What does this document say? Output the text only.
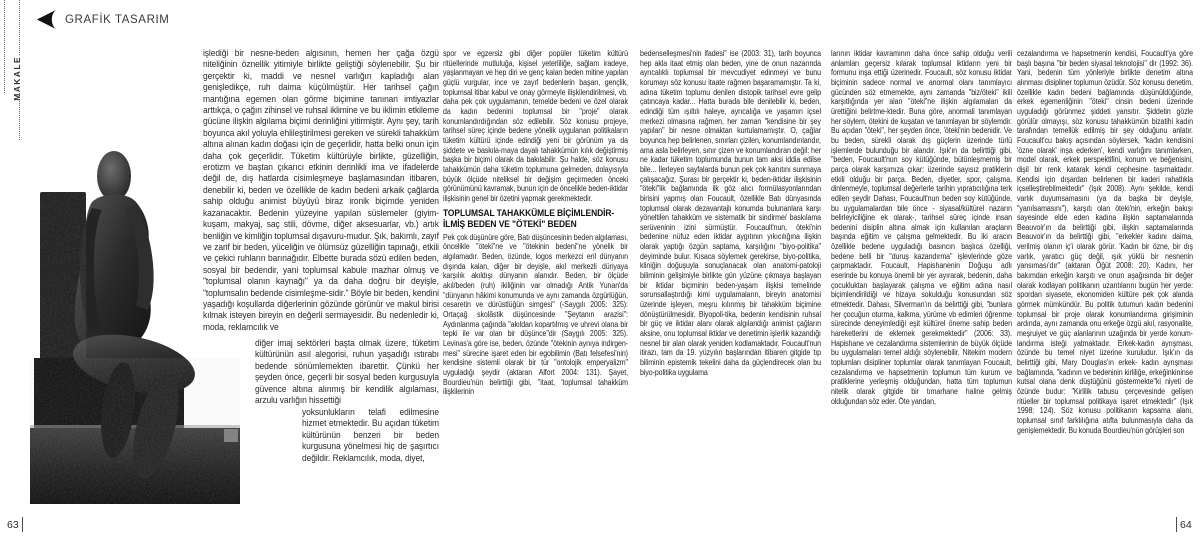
MAKALE
GRAFİK TASARIM

işlediği bir nesne-beden algısının, hemen her çağa özgü niteliğinin öznellik yitimiyle birlikte geliştiği söylenebilir. Şu bir gerçektir ki, maddi ve nesnel varlığın kapladığı alan genişledikçe, ruh daima küçülmüştür. Her tarihsel çağın mantığına egemen olan görme biçimine tanınan imtiyazlar arttıkça, o çağın zihinsel ve ruhsal iklimine ve bu iklimin etkileme gücüne ilişkin algılama biçimi derinliğini yitirmiştir. Aynı şey, tarih boyunca akıl yoluyla ehlileştirilmesi gereken ve sürekli tahakküm altına alınan kadın doğası için de geçerlidir, hatta belki onun için daha çok geçerlidir. Tüketim kültürüyle birlikte, güzelliğin, erotizm ve baştan çıkarıcı etkinin derinlikli ima ve ifadelerde değil de, dış hatlarda cisimleşmeye başlamasından itibaren, denebilir ki, beden ve özellikle de kadın bedeni arkaik çağlarda sahip olduğu animist büyüyü biraz ironik biçimde yeniden kazanacaktır. Bedenin yüzeyine yapılan süslemeler (giyim-kuşam, makyaj, saç stili, dövme, diğer aksesuarlar, vb.) artık benliğin ve kimliğin toplumsal dışavuru-mudur. Şık, bakımlı, zayıf ve zarif bir beden, yüceliğin ve ölümsüz güzelliğin tapınağı, etkili ve çekici ruhların barınağıdır. Elbette burada sözü edilen beden, sosyal bir bedendir, yani toplumsal kabule mazhar olmuş ve "toplumsal olanın kaynağı" ya da daha doğru bir deyişle, "toplumsalın bedende cisimleşme-sidir." Böyle bir beden, kendini yaşadığı koşullarda diğerlerinin gözünde görünür ve makul birisi kılmak isteyen bireyin en değerli sermayesidir. Bu nedenledir ki, moda, reklamcılık ve

diğer imaj sektörleri başta olmak üzere, tüketim kültürünün asıl alegorisi, ruhun yaşadığı ıstırabı bedende sönümlemekten ibarettir. Çünkü her şeyden önce, geçerli bir sosyal beden kurgusuyla güvence altına alınmış bir kendilik algılaması, arzulu varlığın hissettiği

yoksunlukların telafi edilmesine hizmet etmektedir. Bu açıdan tüketim kültürünün benzeri bir beden kurgusuna yönelmesi hiç de şaşırtıcı değildir. Reklamcılık, moda, diyet,

spor ve egzersiz gibi diğer popüler tüketim kültürü ritüellerinde mutluluğa, kişisel yeterliliğe, sağlam iradeye, yaşlanmayan ve hep diri ve genç kalan beden mitine yapılan güçlü vurgular, ince ve zayıf bedenlerin başarı, gençlik, toplumsal itibar kabul ve onay görmeyle ilişkilendirilmesi, vb. daha pek çok uygulamanın, temelde bedeni ve özel olarak da kadın bedenini toplumsal bir "proje" olarak konumlandırdığından söz edilebilir. Söz konusu projeye, tarihsel süreç içinde bedene yönelik uygulanan politikaların tüketim kültürü içinde edindiği yeni bir görünüm ya da şiddete ve baskıla-maya dayalı tahakkümün kılık değiştirmiş başka bir biçimi olarak da bakılabilir. Şu halde, söz konusu tahakkümün daha tüketim toplumuna gelmeden, dolayısıyla büyük ölçüde niteliksel bir değişim geçirmeden önceki görünümünü kavramak, bunun için de öncelikle beden-iktidar ilişkisinin genel bir özetini yapmak gerekmektedir.

TOPLUMSAL TAHAKKÜMLE BİÇİMLENDİR-İLMİŞ BEDEN VE "ÖTEKİ" BEDEN

Pek çok düşünüre göre, Batı düşüncesinin beden algılaması, öncelikle "öteki"ne ve "ötekinin bedeni"ne yönelik bir algılamadır. Beden, özünde, logos merkezci eril dünyanın dışında kalan, diğer bir deyişle, akıl merkezli dünyaya karşılık akıldışı dünyanın alanıdır. Beden, bir ölçüde akıl/beden (ruh) ikiliğinin var olmadığı Antik Yunan'da "dünyanın hâkimi konumunda ve aynı zamanda özgürlüğün, cesaretin ve dürüstlüğün simgesi" (-Saygılı 2005: 325): Ortaçağ skolâstik düşüncesinde "Şeytanın arazisi": Aydınlanma çağında "akıldan kopartılmış ve uhrevi olana bir tepki ile var olan bir düşünce"dir (Saygılı 2005: 325). Levinas'a göre ise, beden, özünde "ötekinin aynıya indirgen-mesi" sürecine işaret eden bir egobilimin (Batı felsefesi'nin) kendisine sistemli olarak bir tür "ontolojik emperyalizm" uyguladığı şeydir (aktaran Alfort 2004: 131). Şayet, Bourdieu'nün belirttiği gibi, "itaat, 'toplumsal tahakküm ilişkilerinin

bedenselleşmesi'nin ifadesi" ise (2003: 31), tarih boyunca hep akla itaat etmiş olan beden, yine de onun nazarında ayrıcalıklı toplumsal bir mevcudiyet edinmeyi ve bunu korumayı söz konusu itaate rağmen başaramamıştır. Ta ki, adına tüketim toplumu denilen distopik tarihsel evre gelip çatıncaya kadar... Hatta burada bile denilebilir ki, beden, edindiği tüm ışıltılı haleye, ayrıcalığa ve yaşamın içsel merkezi olmasına rağmen, her zaman "kendisine bir şey yapılan" bir nesne olmaktan kurtulamamıştır. O, çağlar boyunca hep belirlenen, sınırları çizilen, konumlandırılandır, ama asla belirleyen, sınır çizen ve konumlandıran değil: her ne kadar tüketim toplumunda bunun tam aksi iddia edilse bile... İlerleyen sayfalarda bunun pek çok kanıtını sunmaya çalışacağız. Şurası bir gerçektir ki, beden-iktidar ilişkisinin "öteki"lik bağlamında ilk göz alıcı formülasyonlarından birisini yapmış olan Foucault, özellikle Batı dünyasında toplumsal olarak dezavantajlı konumda bulunanlara karşı yöneltilen tahakküm ve sistematik bir sindirme/ baskılama serüveninin izini sürmüştür. Foucault'nun, öteki'nin bedenine nüfuz eden iktidar aygıtının yıkıcılığına ilişkin olarak yaptığı özgün saptama, karşılığını "biyo-politika" deyiminde bulur. Kısaca söylemek gerekirse, biyo-politika, kliniğin doğuşuyla sonuçlanacak olan anatomi-patoloji biliminin gelişimiyle birlikte gün yüzüne çıkmaya başlayan bir iktidar biçiminin beden-yaşam ilişkisi temelinde sorunsallaştırdığı kimi uygulamaların, bireyin anatomisi üzerinde işleyen, meşru kılınmış bir tahakküm biçimine dönüştürülmesidir. Biyopoli-tika, bedenin kendisinin ruhsal bir güç ve iktidar alanı olarak algılandığı animist çağların aksine, onu toplumsal iktidar ve denetimin işlerlik kazandığı nesnel bir alan olarak yeniden kodlamaktadır. Foucault'nun itirazı, tam da 19. yüzyılın başlarından itibaren gitgide tıp biliminin epistemik tekelini daha da güçlendirecek olan bu biyo-politika uygulama

larının iktidar kavramının daha önce sahip olduğu verili anlamları geçersiz kılarak toplumsal iktidarın yeni bir formunu inşa ettiği üzerinedir. Foucault, söz konusu iktidar biçiminin sadece normal ve anormal olanı tanımlayıcı gücünden söz etmemekte, aynı zamanda "biz/öteki" ikili karşıtlığında yer alan "öteki"ne ilişkin algılamaları da ürettiğini belirtme-ktedir. Buna göre, anormali tanımlayan her söylem, ötekini de kuşatan ve tanımlayan bir söylemdir. Bu açıdan "öteki", her şeyden önce, 'öteki'nin bedenidir. Ve bu beden, sürekli olarak dış güçlerin üzerinde türlü işlemlerde bulunduğu bir alandır. Işık'ın da belirttiği gibi, "beden, Foucault'nun soy kütüğünde, bütünleşmemiş bir parça olarak karşımıza çıkar: üzerinde sayısız pratiklerin etkili olduğu bir parça. Beden, diyetler, spor, çalışma, dinlenmeyle, toplumsal değerlerle tarihin yıpratıcılığına terk edilen şeydir Dahası, Foucault'nun beden soy kütüğünde, bu uygulamalardan bile önce - siyasal/kültürel nazarın belirleyiciliğine ek olarak-, tarihsel süreç içinde insan bedenini disiplin altına almak için kullanılan araçların başında eğitim ve çalışma gelmektedir. Bu iki aracın özellikle bedene uyguladığı basıncın başlıca özelliği, bedene belli bir "duruş kazandırma" işlevlerinde göze çarpmaktadır. Foucault, Hapishanenin Doğuşu adlı eserinde bu konuya önemli bir yer ayırarak, bedenin, daha çocukluktan başlayarak çalışma ve eğitim adına nasıl biçimlendirildiği ve hizaya sokulduğu konusundan söz etmektedir. Dahası, Silverman'ın da belirttiği gibi, "bunlara her çocuğun oturma, kalkma, yürüme vb edimleri öğrenme sürecinde deneyimlediği eşit kültürel öneme sahip beden hareketlerini de eklemek gerekmektedir" (2006: 33). Hapishane ve cezalandırma sistemlerinin de büyük ölçüde bu uygulamaları temel aldığı söylenebilir. Nitekim modern toplumları disipliner toplumlar olarak tanımlayan Foucault, cezalandırma ve hapsetmenin toplumun tüm kurum ve pratiklerine yerleşmiş olduğundan, hatta tüm toplumun nitelik olarak gitgide bir tımarhane haline gelmiş olduğundan söz eder. Öte yandan,

cezalandırma ve hapsetmenin kendisi, Foucault'ya göre başlı başına "bir beden siyasal teknolojisi" dir (1992: 36). Yani, bedenin tüm yönleriyle birlikte denetim altına alınması disipliner toplumun özüdür. Söz konusu denetim, özellikle kadın bedeni bağlamında düşünüldüğünde, erkek egemenliğinin "öteki" cinsin bedeni üzerinde uyguladığı görünmez şiddeti yansıtır. Şiddetin gözle görülür olmayışı, söz konusu tahakkümün bizatihi kadın tarafından temellük edilmiş bir şey olduğunu anlatır. Foucault'cu bakış açısından söylersek, "kadın kendisini 'özne olarak' inşa ederken', kendi varlığını tanımlarken, model olarak, erkek perspektifini, konum ve beğenisini, dişil bir renk katarak kendi cephesine taşımaktadır. Kendisi için dışardan belirlenen bir kaderi rahatlıkla içselleştirebilmektedir" (Işık 2008). Aynı şekilde, kendi varlık duyumsamasını (ya da başka bir deyişle, "yanılsamasını"), karşıtı olan öteki'nin, erkeğin bakışı sayesinde elde eden kadına ilişkin saptamalarında Beauvoir'ın da belirttiği gibi, ilişkin saptamalarında Beauvoir'ın da belirttiği gibi, "erkekler kadını daima, verilmiş olanın iç'i olarak görür. 'Kadın bir özne, bir dış varlık, yaratıcı güç değil, ışık yüklü bir nesnenin yansıması'dır" (aktaran Öğüt 2008: 20). Kadını, her bakımdan erkeğin karşıtı ve onun aşağısında bir değer olarak kodlayan politikanın uzantılarını bugün her yerde: spordan siyasete, ekonomiden kültüre pek çok alanda görmek mümkündür. Bu politik tutumun kadın bedenini toplumsal bir proje olarak konumlandırma girişiminin ardında, aynı zamanda onu erkeğe özgü akıl, rasyonalite, meşruiyet ve güç alanlarının uzağında bir yerde konum-landırma isteği yatmaktadır. Erkek-kadın ayrışması, özünde bu temel niyet üzerine kuruludur. Işık'ın da belirttiği gibi, Mary Douglas'ın erkek- kadın ayrışması bağlamında, "kadının ve bedeninin kirliliğe, erkeğinkininse kutsal olana denk düştüğünü göstermekte"ki niyeti de özünde budur: "Kirlilik tabusu çerçevesinde gelişen ritüeller bir toplumsal politikaya işaret etmektedir" (Işık 1998: 124). Söz konusu politikanın kapsama alanı, toplumsal sınıf farklılığına atıfta bulunmasıyla daha da genişlemektedir. Bu konuda Bourdieu'nün görüşleri son

63	64
